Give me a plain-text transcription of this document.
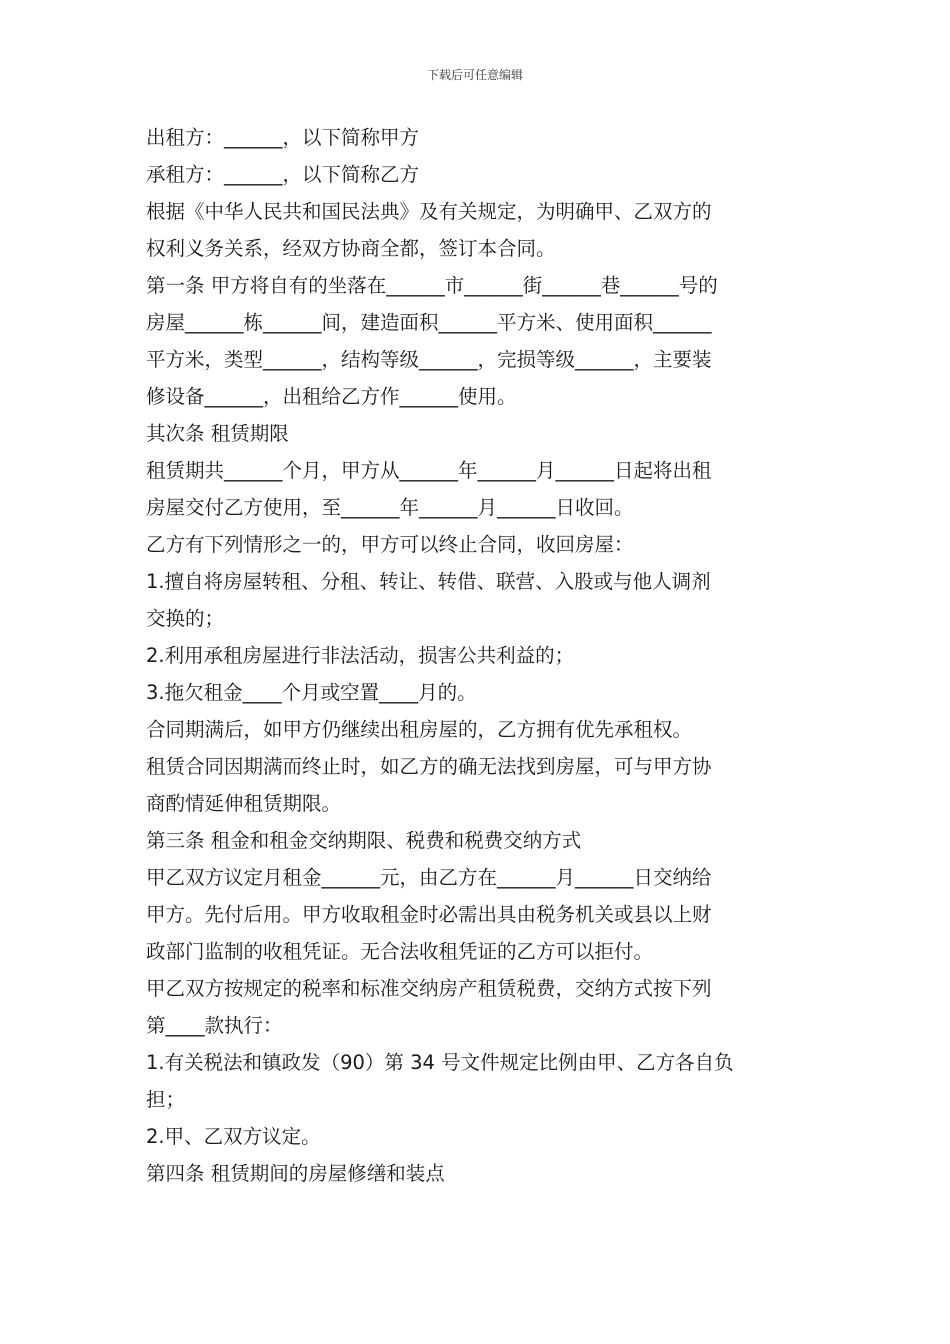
下载后可任意编辑
出租方：______，以下简称甲方
承租方：______，以下简称乙方
根据《中华人民共和国民法典》及有关规定，为明确甲、乙双方的
权利义务关系，经双方协商全都，签订本合同。
第一条 甲方将自有的坐落在______市______街______巷______号的
房屋______栋______间，建造面积______平方米、使用面积______
平方米，类型______，结构等级______，完损等级______，主要装
修设备______，出租给乙方作______使用。
其次条 租赁期限
租赁期共______个月，甲方从______年______月______日起将出租
房屋交付乙方使用，至______年______月______日收回。
乙方有下列情形之一的，甲方可以终止合同，收回房屋：
1.擅自将房屋转租、分租、转让、转借、联营、入股或与他人调剂
交换的；
2.利用承租房屋进行非法活动，损害公共利益的；
3.拖欠租金____个月或空置____月的。
合同期满后，如甲方仍继续出租房屋的，乙方拥有优先承租权。
租赁合同因期满而终止时，如乙方的确无法找到房屋，可与甲方协
商酌情延伸租赁期限。
第三条 租金和租金交纳期限、税费和税费交纳方式
甲乙双方议定月租金______元，由乙方在______月______日交纳给
甲方。先付后用。甲方收取租金时必需出具由税务机关或县以上财
政部门监制的收租凭证。无合法收租凭证的乙方可以拒付。
甲乙双方按规定的税率和标准交纳房产租赁税费，交纳方式按下列
第____款执行：
1.有关税法和镇政发（90）第 34 号文件规定比例由甲、乙方各自负
担；
2.甲、乙双方议定。
第四条 租赁期间的房屋修缮和装点
